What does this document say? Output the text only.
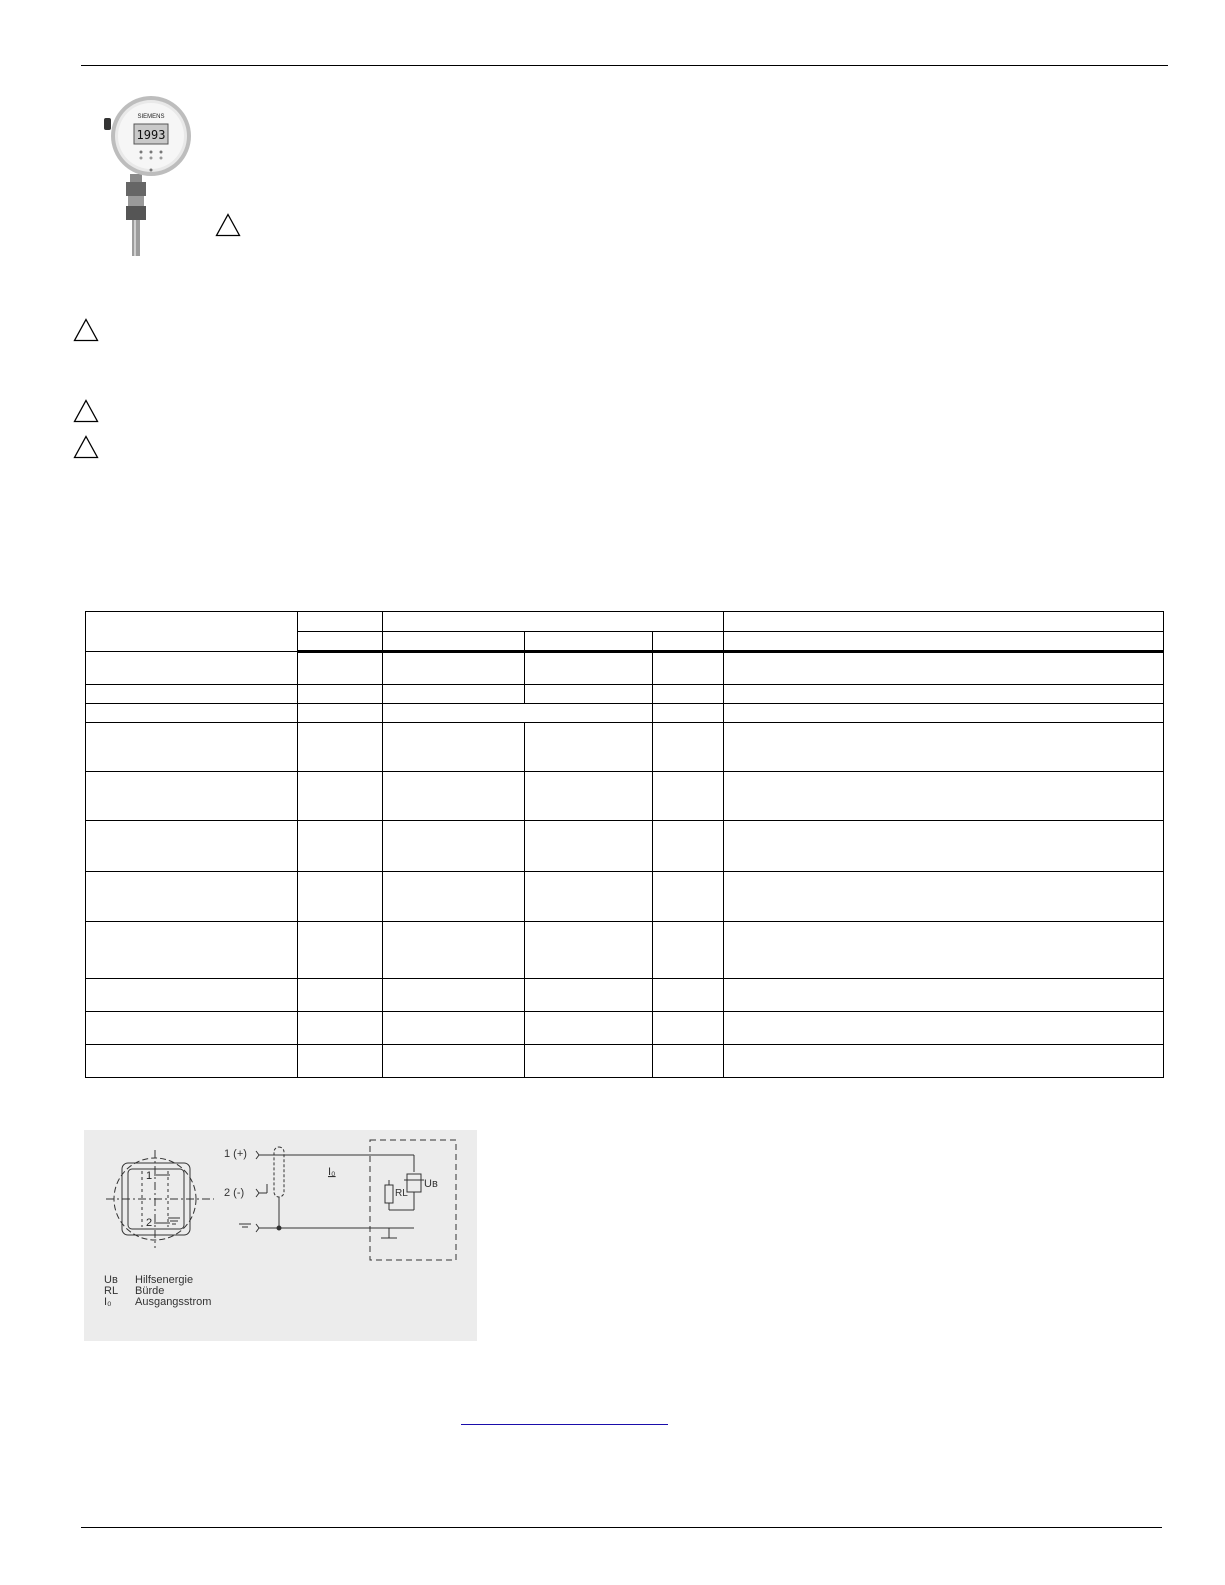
SIEMENS
1993

1
2
1 (+)
2 (-)
I₀
Uв
RL
Uв Hilfsenergie
RL Bürde
I₀ Ausgangsstrom
